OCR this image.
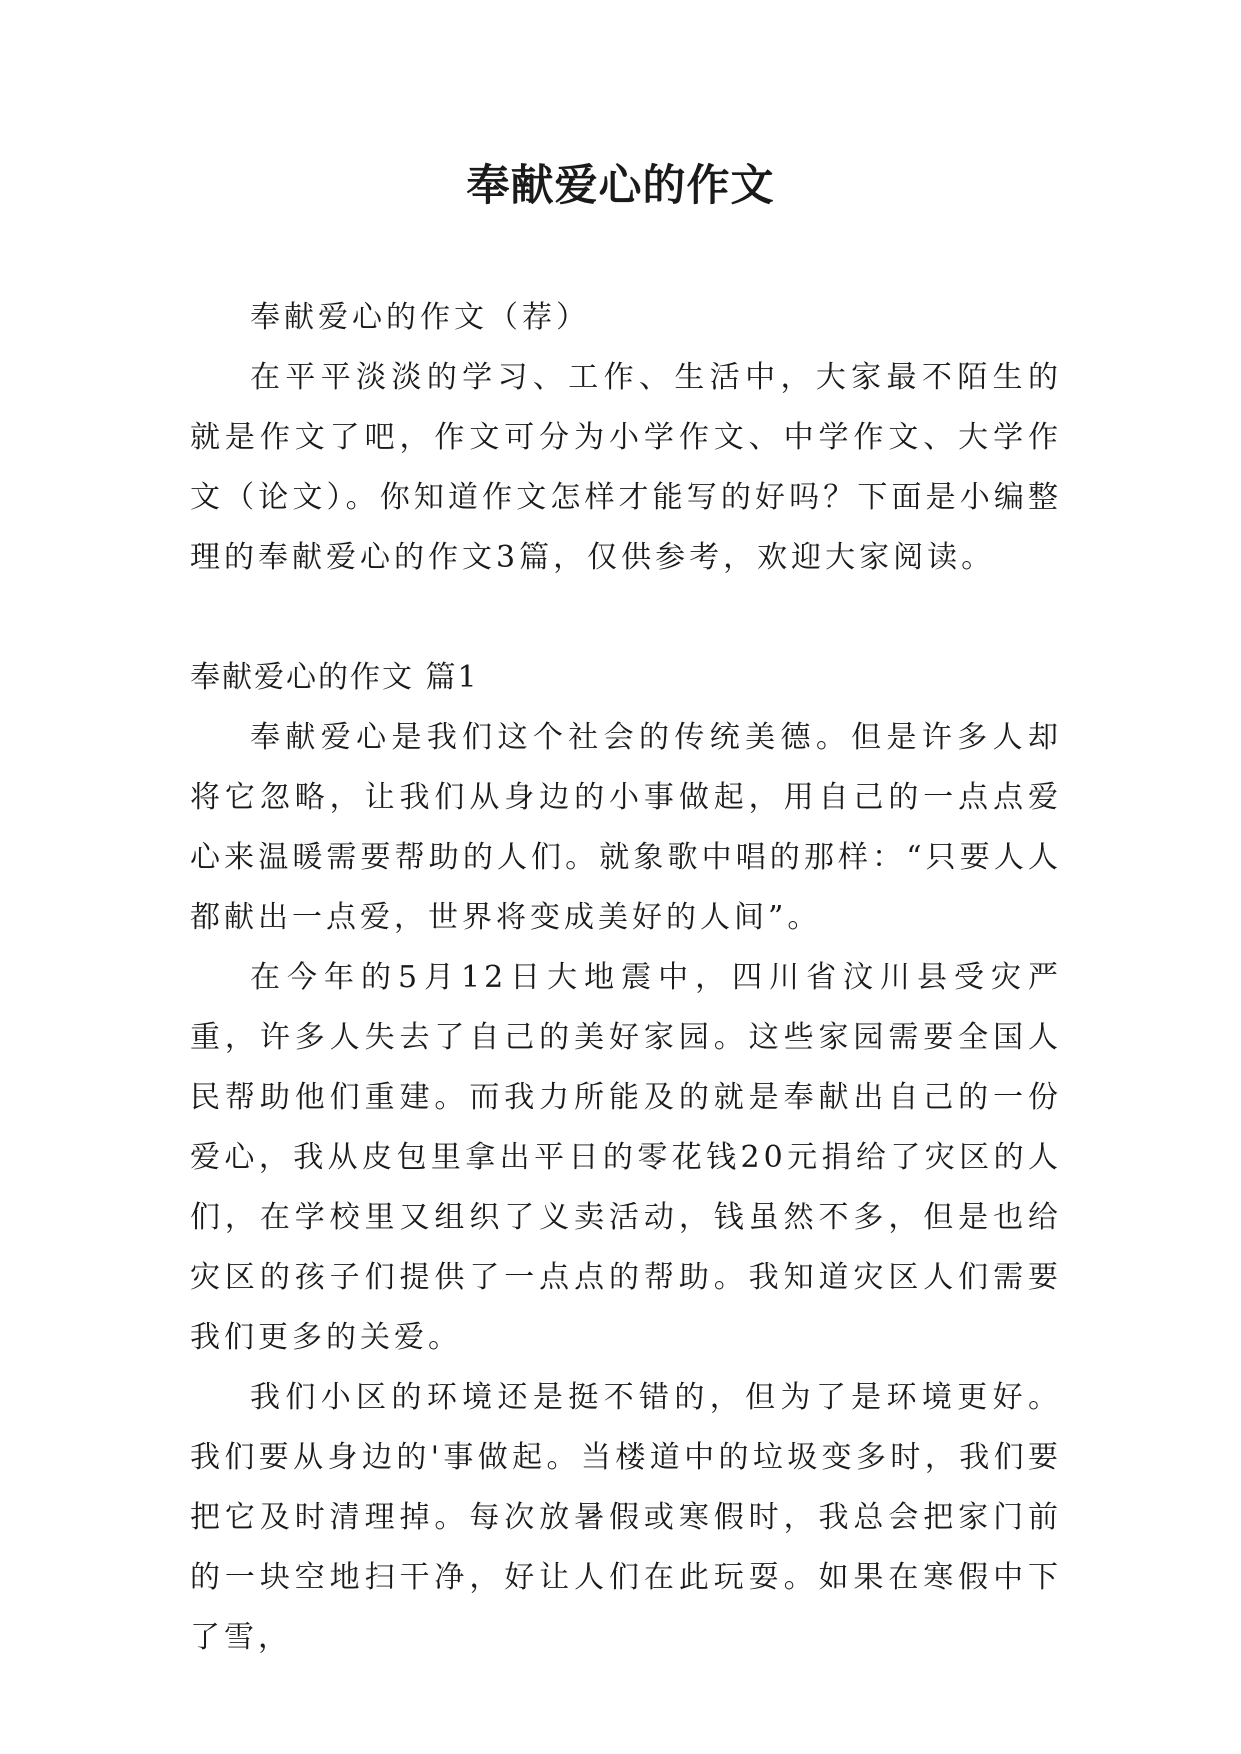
奉献爱心的作文

奉献爱心的作文（荐）

在平平淡淡的学习、工作、生活中，大家最不陌生的就是作文了吧，作文可分为小学作文、中学作文、大学作文（论文）。你知道作文怎样才能写的好吗？下面是小编整理的奉献爱心的作文3篇，仅供参考，欢迎大家阅读。

奉献爱心的作文 篇1

奉献爱心是我们这个社会的传统美德。但是许多人却将它忽略，让我们从身边的小事做起，用自己的一点点爱心来温暖需要帮助的人们。就象歌中唱的那样：“只要人人都献出一点爱，世界将变成美好的人间”。

在今年的5月12日大地震中，四川省汶川县受灾严重，许多人失去了自己的美好家园。这些家园需要全国人民帮助他们重建。而我力所能及的就是奉献出自己的一份爱心，我从皮包里拿出平日的零花钱20元捐给了灾区的人们，在学校里又组织了义卖活动，钱虽然不多，但是也给灾区的孩子们提供了一点点的帮助。我知道灾区人们需要我们更多的关爱。

我们小区的环境还是挺不错的，但为了是环境更好。我们要从身边的'事做起。当楼道中的垃圾变多时，我们要把它及时清理掉。每次放暑假或寒假时，我总会把家门前的一块空地扫干净，好让人们在此玩耍。如果在寒假中下了雪，
